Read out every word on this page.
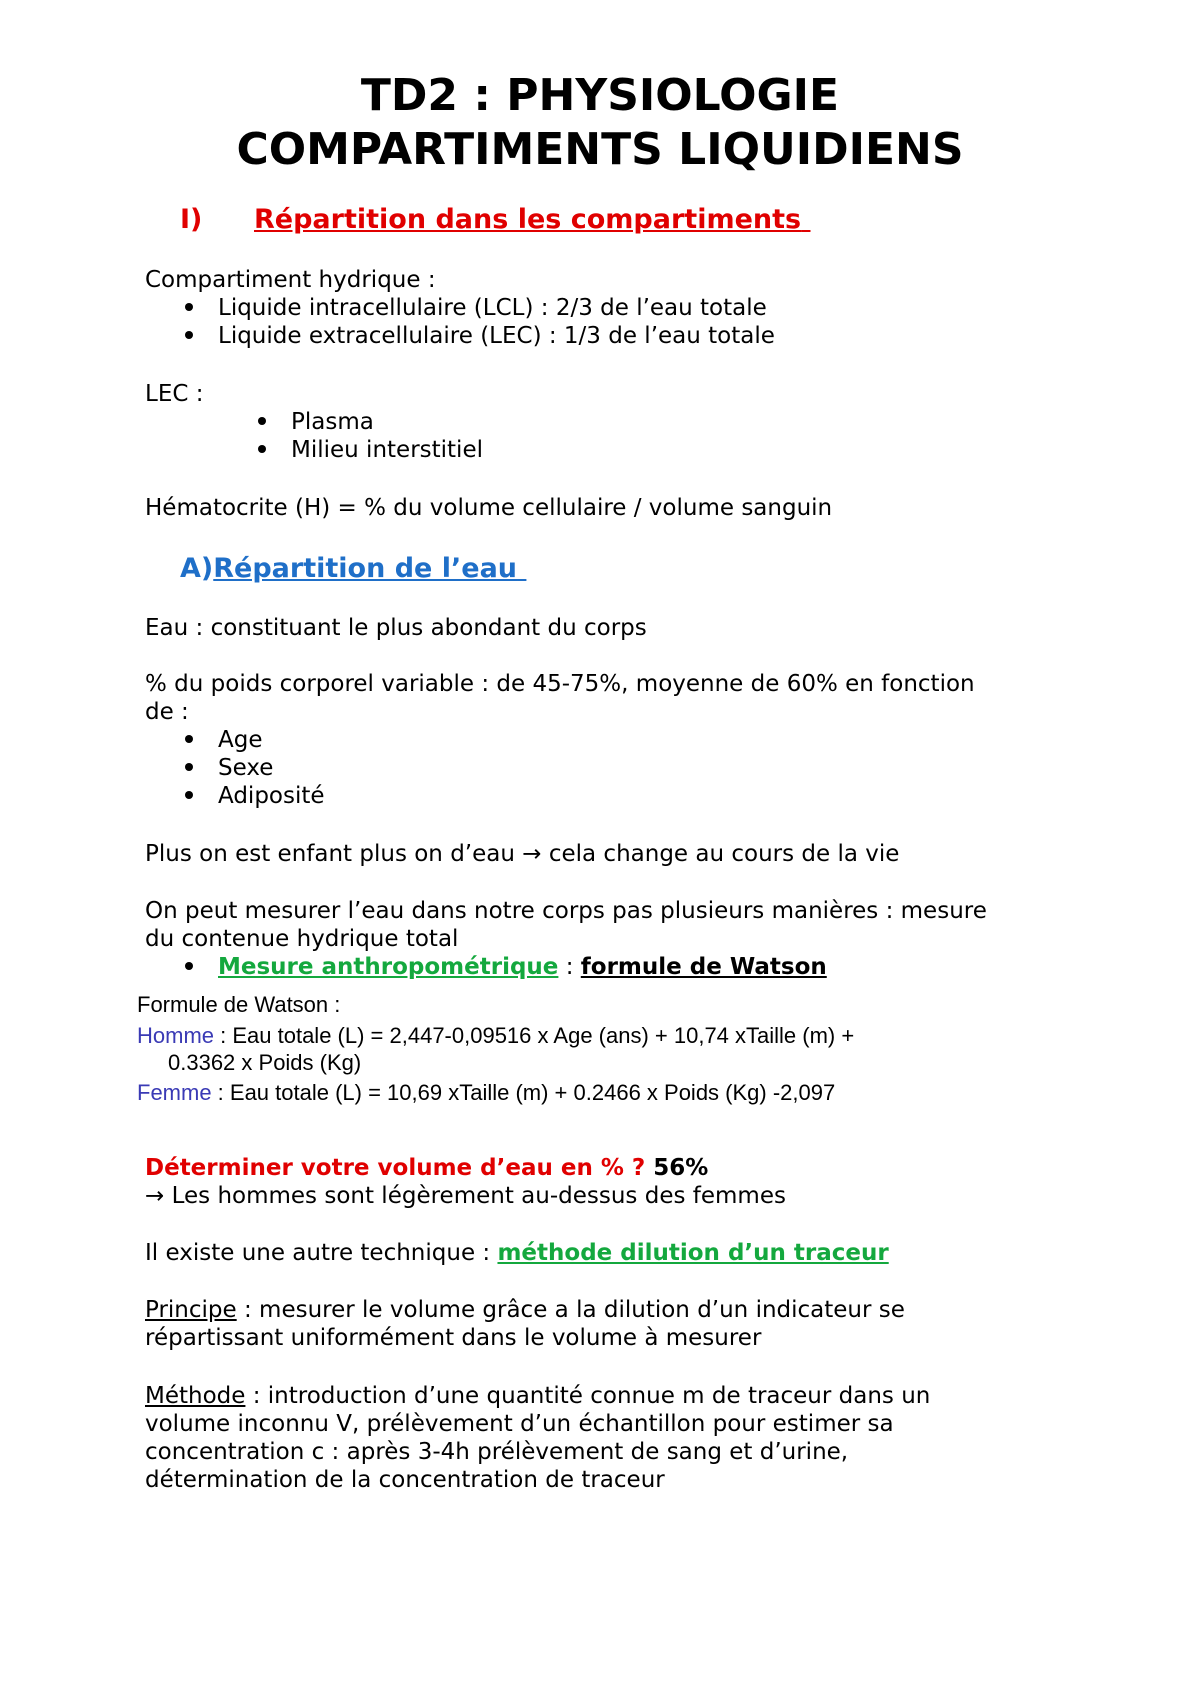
TD2 : PHYSIOLOGIE
COMPARTIMENTS LIQUIDIENS
I) Répartition dans les compartiments
Compartiment hydrique :
Liquide intracellulaire (LCL) : 2/3 de l’eau totale
Liquide extracellulaire (LEC) : 1/3 de l’eau totale
LEC :
Plasma
Milieu interstitiel
Hématocrite (H) = % du volume cellulaire / volume sanguin
A)Répartition de l’eau
Eau : constituant le plus abondant du corps
% du poids corporel variable : de 45-75%, moyenne de 60% en fonction
de :
Age
Sexe
Adiposité
Plus on est enfant plus on d’eau → cela change au cours de la vie
On peut mesurer l’eau dans notre corps pas plusieurs manières : mesure
du contenue hydrique total
Mesure anthropométrique : formule de Watson
Formule de Watson :
Homme : Eau totale (L) = 2,447-0,09516 x Age (ans) + 10,74 xTaille (m) +
0.3362 x Poids (Kg)
Femme : Eau totale (L) = 10,69 xTaille (m) + 0.2466 x Poids (Kg) -2,097
Déterminer votre volume d’eau en % ? 56%
→ Les hommes sont légèrement au-dessus des femmes
Il existe une autre technique : méthode dilution d’un traceur
Principe : mesurer le volume grâce a la dilution d’un indicateur se
répartissant uniformément dans le volume à mesurer
Méthode : introduction d’une quantité connue m de traceur dans un
volume inconnu V, prélèvement d’un échantillon pour estimer sa
concentration c : après 3-4h prélèvement de sang et d’urine,
détermination de la concentration de traceur
